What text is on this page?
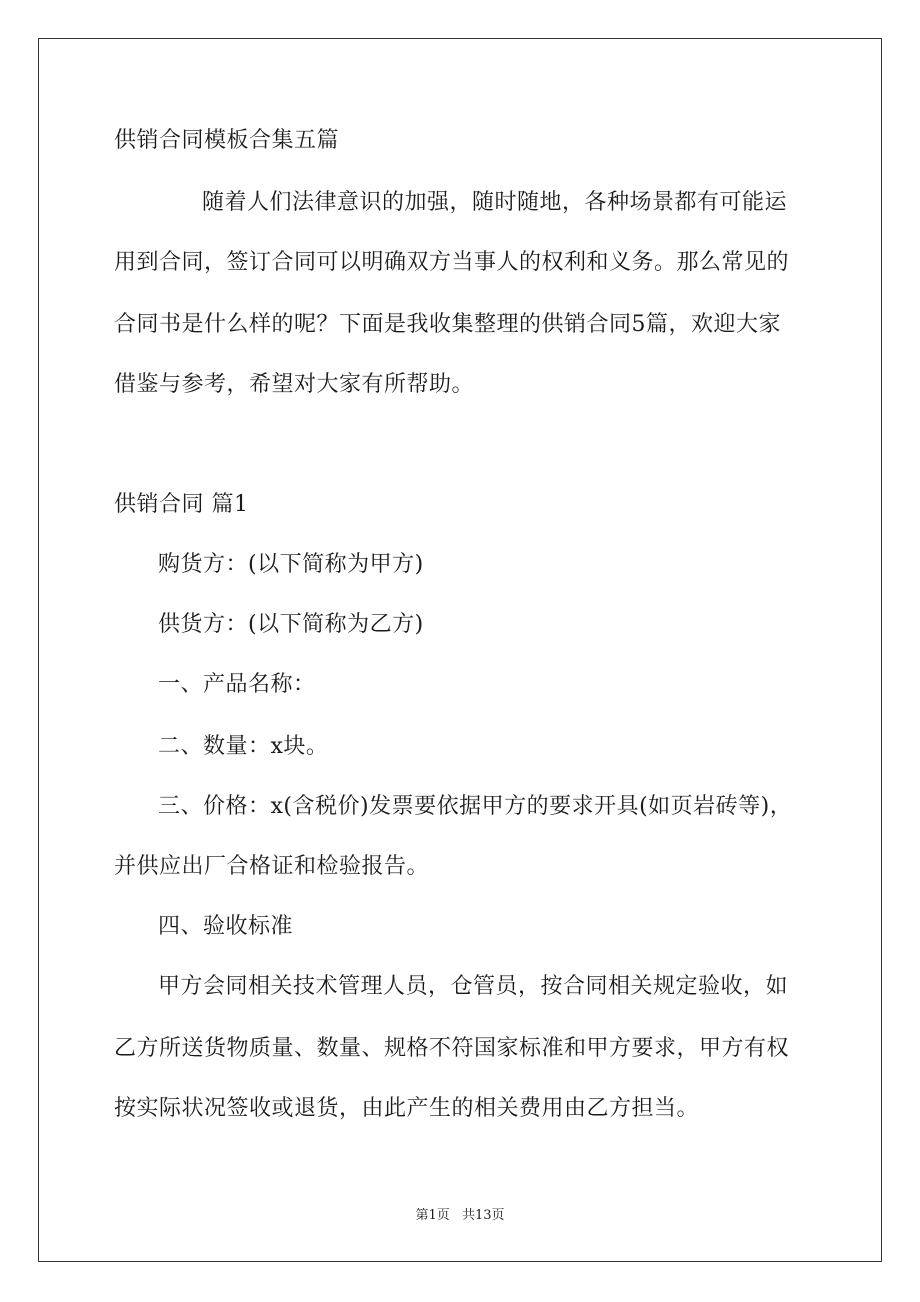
供销合同模板合集五篇
随着人们法律意识的加强，随时随地，各种场景都有可能运
用到合同，签订合同可以明确双方当事人的权利和义务。那么常见的
合同书是什么样的呢？下面是我收集整理的供销合同5篇，欢迎大家
借鉴与参考，希望对大家有所帮助。
供销合同 篇1
购货方：(以下简称为甲方)
供货方：(以下简称为乙方)
一、产品名称：
二、数量：x块。
三、价格：x(含税价)发票要依据甲方的要求开具(如页岩砖等)，
并供应出厂合格证和检验报告。
四、验收标准
甲方会同相关技术管理人员，仓管员，按合同相关规定验收，如
乙方所送货物质量、数量、规格不符国家标准和甲方要求，甲方有权
按实际状况签收或退货，由此产生的相关费用由乙方担当。
第1页 共13页
